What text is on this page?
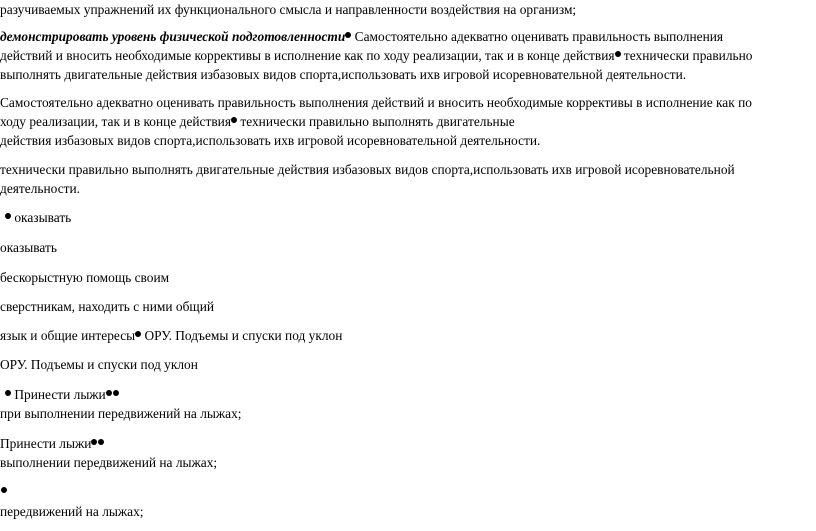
разучиваемых упражнений их функционального смысла и направленности воздействия на организм;
демонстрировать уровень физической подготовленности Самостоятельно адекватно оценивать правильность выполнения
действий и вносить необходимые коррективы в исполнение как по ходу реализации, так и в конце действия технически правильно
выполнять двигательные действия избазовых видов спорта,использовать ихв игровой исоревновательной деятельности.
Самостоятельно адекватно оценивать правильность выполнения действий и вносить необходимые коррективы в исполнение как по
ходу реализации, так и в конце действия технически правильно выполнять двигательные
действия избазовых видов спорта,использовать ихв игровой исоревновательной деятельности.
технически правильно выполнять двигательные действия избазовых видов спорта,использовать ихв игровой исоревновательной
деятельности.
оказывать
оказывать
бескорыстную помощь своим
сверстникам, находить с ними общий
язык и общие интересы ОРУ. Подъемы и спуски под уклон
ОРУ. Подъемы и спуски под уклон
Принести лыжи
при выполнении передвижений на лыжах;
Принести лыжи
выполнении передвижений на лыжах;
передвижений на лыжах;
